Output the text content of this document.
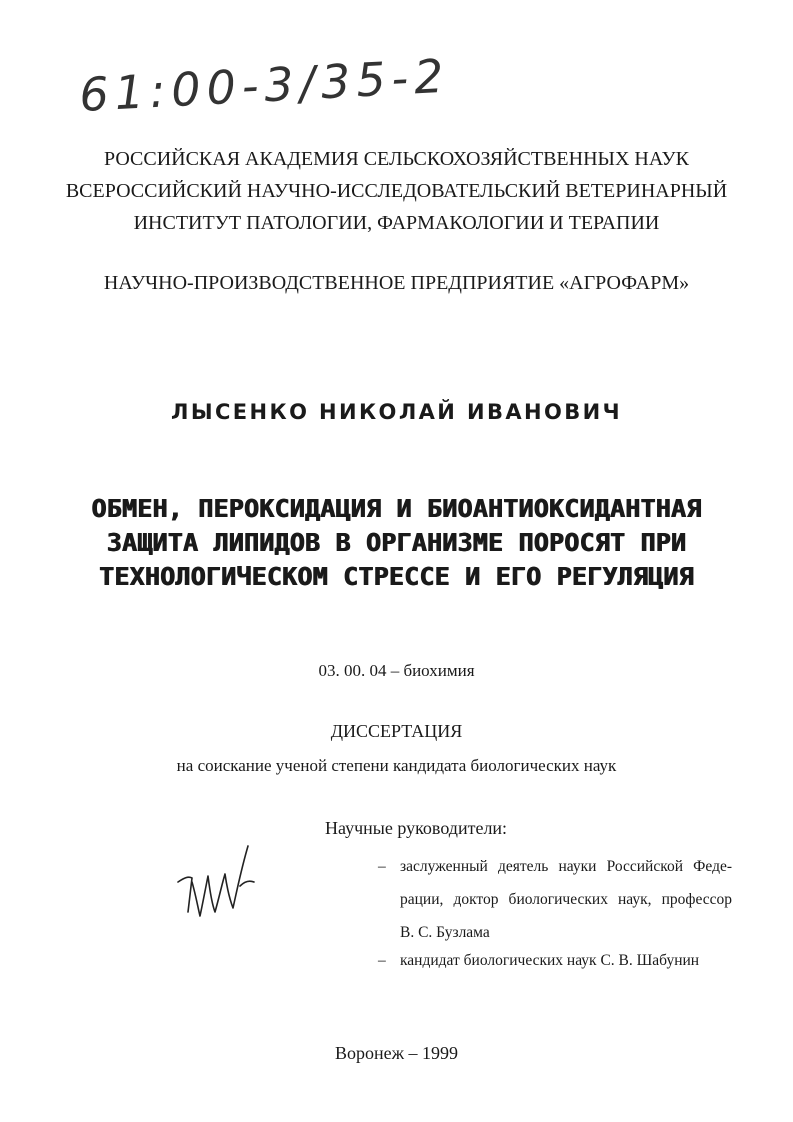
61:00-3/35-2
РОССИЙСКАЯ АКАДЕМИЯ СЕЛЬСКОХОЗЯЙСТВЕННЫХ НАУК
ВСЕРОССИЙСКИЙ НАУЧНО-ИССЛЕДОВАТЕЛЬСКИЙ ВЕТЕРИНАРНЫЙ
ИНСТИТУТ ПАТОЛОГИИ, ФАРМАКОЛОГИИ И ТЕРАПИИ
НАУЧНО-ПРОИЗВОДСТВЕННОЕ ПРЕДПРИЯТИЕ «АГРОФАРМ»
ЛЫСЕНКО НИКОЛАЙ ИВАНОВИЧ
ОБМЕН, ПЕРОКСИДАЦИЯ И БИОАНТИОКСИДАНТНАЯ
ЗАЩИТА ЛИПИДОВ В ОРГАНИЗМЕ ПОРОСЯТ ПРИ
ТЕХНОЛОГИЧЕСКОМ СТРЕССЕ И ЕГО РЕГУЛЯЦИЯ
03. 00. 04 – биохимия
ДИССЕРТАЦИЯ
на соискание ученой степени кандидата биологических наук
Научные руководители:
– заслуженный деятель науки Российской Феде-
рации, доктор биологических наук, профессор
В. С. Бузлама
– кандидат биологических наук С. В. Шабунин
Воронеж – 1999
